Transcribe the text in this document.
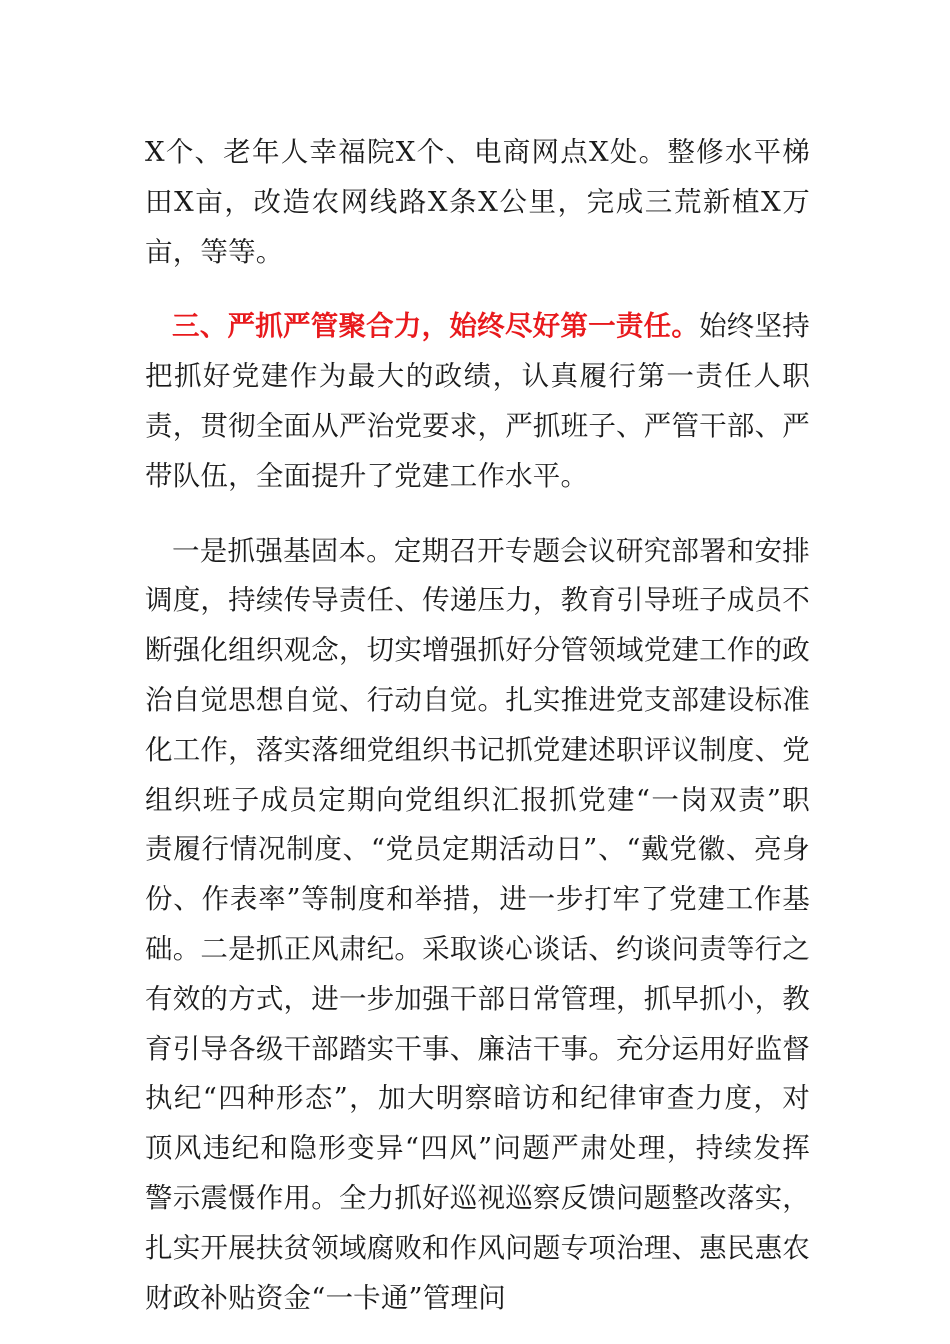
X个、老年人幸福院X个、电商网点X处。整修水平梯田X亩，改造农网线路X条X公里，完成三荒新植X万亩，等等。

三、严抓严管聚合力，始终尽好第一责任。始终坚持把抓好党建作为最大的政绩，认真履行第一责任人职责，贯彻全面从严治党要求，严抓班子、严管干部、严带队伍，全面提升了党建工作水平。

一是抓强基固本。定期召开专题会议研究部署和安排调度，持续传导责任、传递压力，教育引导班子成员不断强化组织观念，切实增强抓好分管领域党建工作的政治自觉思想自觉、行动自觉。扎实推进党支部建设标准化工作，落实落细党组织书记抓党建述职评议制度、党组织班子成员定期向党组织汇报抓党建“一岗双责”职责履行情况制度、“党员定期活动日”、“戴党徽、亮身份、作表率”等制度和举措，进一步打牢了党建工作基础。二是抓正风肃纪。采取谈心谈话、约谈问责等行之有效的方式，进一步加强干部日常管理，抓早抓小，教育引导各级干部踏实干事、廉洁干事。充分运用好监督执纪“四种形态”，加大明察暗访和纪律审查力度，对顶风违纪和隐形变异“四风”问题严肃处理，持续发挥警示震慑作用。全力抓好巡视巡察反馈问题整改落实，扎实开展扶贫领域腐败和作风问题专项治理、惠民惠农财政补贴资金“一卡通”管理问
